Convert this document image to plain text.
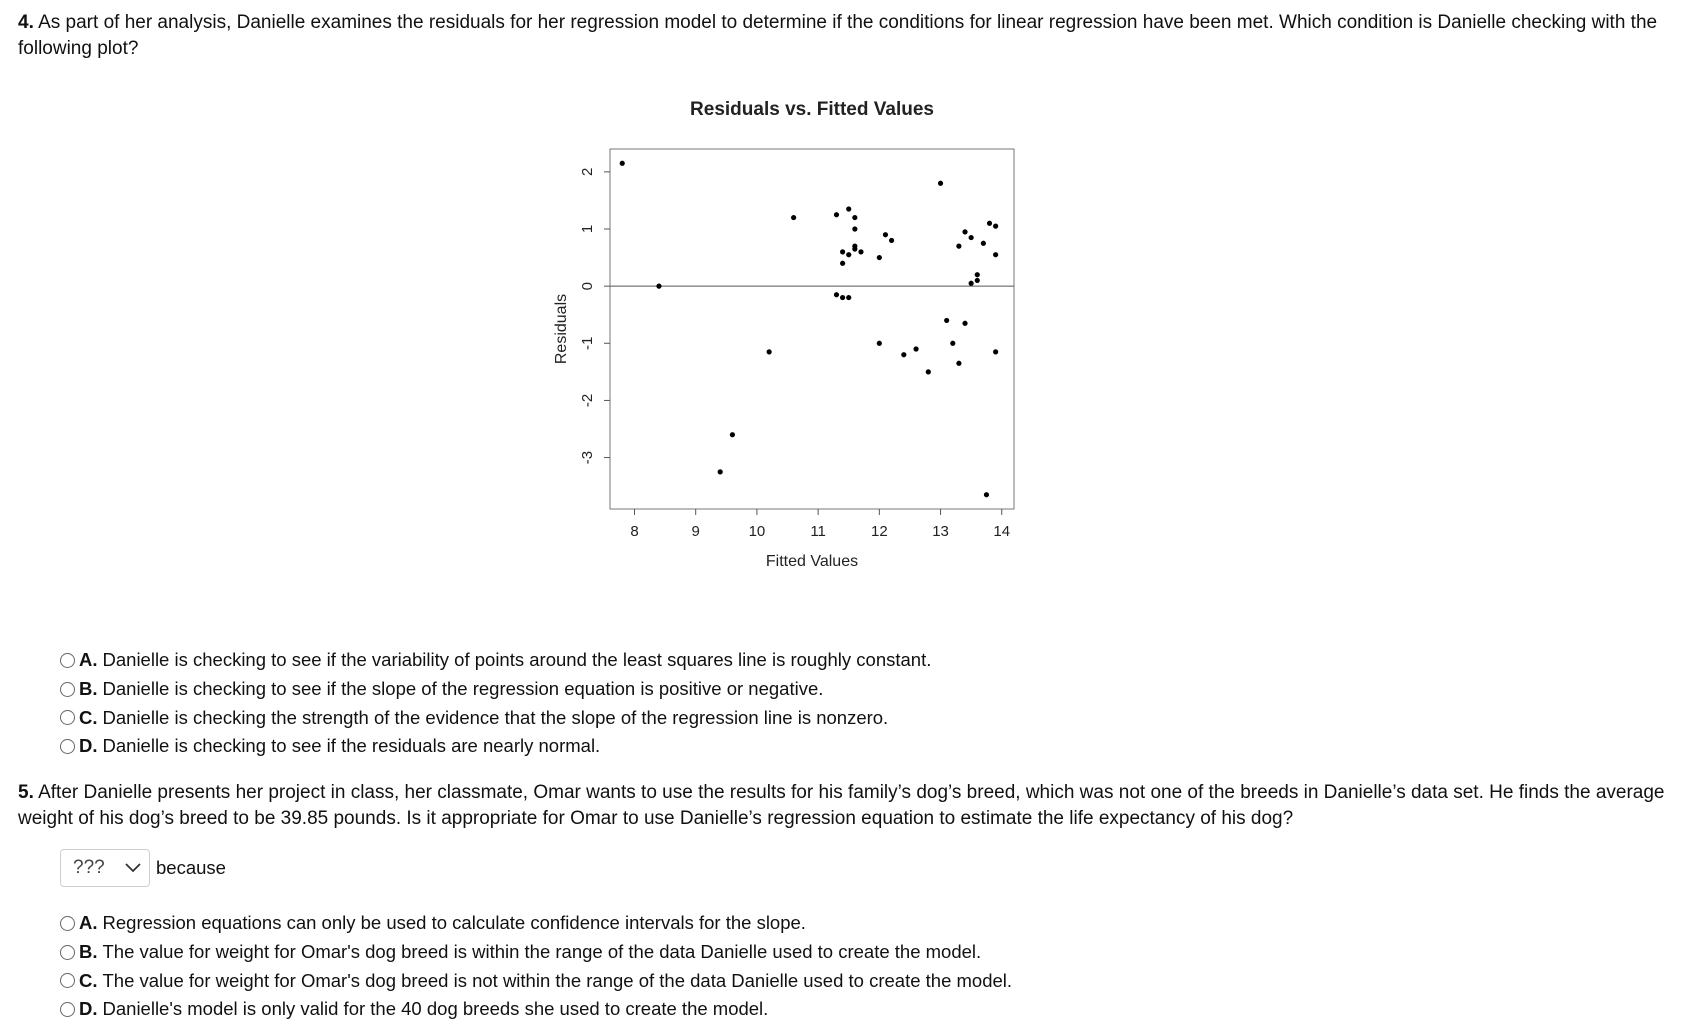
4. As part of her analysis, Danielle examines the residuals for her regression model to determine if the conditions for linear regression have been met. Which condition is Danielle checking with the following plot?

Residuals vs. Fitted Values
8	9	10	11	12	13	14
-3
-2
-1
0
1
2
Fitted Values
Residuals
A. Danielle is checking to see if the variability of points around the least squares line is roughly constant.
B. Danielle is checking to see if the slope of the regression equation is positive or negative.
C. Danielle is checking the strength of the evidence that the slope of the regression line is nonzero.
D. Danielle is checking to see if the residuals are nearly normal.

5. After Danielle presents her project in class, her classmate, Omar wants to use the results for his family’s dog’s breed, which was not one of the breeds in Danielle’s data set. He finds the average weight of his dog’s breed to be 39.85 pounds. Is it appropriate for Omar to use Danielle’s regression equation to estimate the life expectancy of his dog?

???	because
A. Regression equations can only be used to calculate confidence intervals for the slope.
B. The value for weight for Omar's dog breed is within the range of the data Danielle used to create the model.
C. The value for weight for Omar's dog breed is not within the range of the data Danielle used to create the model.
D. Danielle's model is only valid for the 40 dog breeds she used to create the model.
